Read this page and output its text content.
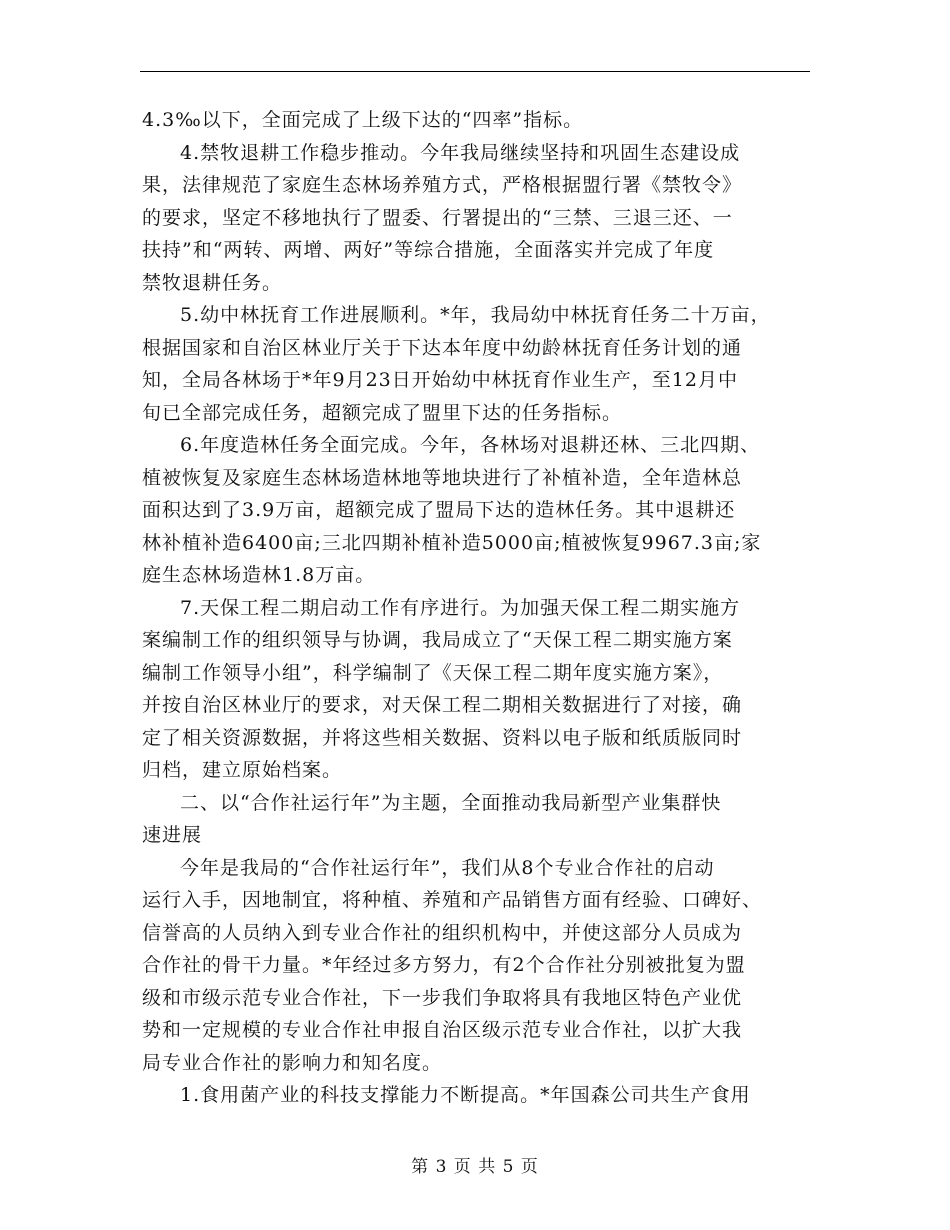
4.3‰以下，全面完成了上级下达的“四率”指标。
4.禁牧退耕工作稳步推动。今年我局继续坚持和巩固生态建设成
果，法律规范了家庭生态林场养殖方式，严格根据盟行署《禁牧令》
的要求，坚定不移地执行了盟委、行署提出的“三禁、三退三还、一
扶持”和“两转、两增、两好”等综合措施，全面落实并完成了年度
禁牧退耕任务。
5.幼中林抚育工作进展顺利。*年，我局幼中林抚育任务二十万亩，
根据国家和自治区林业厅关于下达本年度中幼龄林抚育任务计划的通
知，全局各林场于*年9月23日开始幼中林抚育作业生产，至12月中
旬已全部完成任务，超额完成了盟里下达的任务指标。
6.年度造林任务全面完成。今年，各林场对退耕还林、三北四期、
植被恢复及家庭生态林场造林地等地块进行了补植补造，全年造林总
面积达到了3.9万亩，超额完成了盟局下达的造林任务。其中退耕还
林补植补造6400亩;三北四期补植补造5000亩;植被恢复9967.3亩;家
庭生态林场造林1.8万亩。
7.天保工程二期启动工作有序进行。为加强天保工程二期实施方
案编制工作的组织领导与协调，我局成立了“天保工程二期实施方案
编制工作领导小组”，科学编制了《天保工程二期年度实施方案》，
并按自治区林业厅的要求，对天保工程二期相关数据进行了对接，确
定了相关资源数据，并将这些相关数据、资料以电子版和纸质版同时
归档，建立原始档案。
二、以“合作社运行年”为主题，全面推动我局新型产业集群快
速进展
今年是我局的“合作社运行年”，我们从8个专业合作社的启动
运行入手，因地制宜，将种植、养殖和产品销售方面有经验、口碑好、
信誉高的人员纳入到专业合作社的组织机构中，并使这部分人员成为
合作社的骨干力量。*年经过多方努力，有2个合作社分别被批复为盟
级和市级示范专业合作社，下一步我们争取将具有我地区特色产业优
势和一定规模的专业合作社申报自治区级示范专业合作社，以扩大我
局专业合作社的影响力和知名度。
1.食用菌产业的科技支撑能力不断提高。*年国森公司共生产食用
第 3 页 共 5 页
